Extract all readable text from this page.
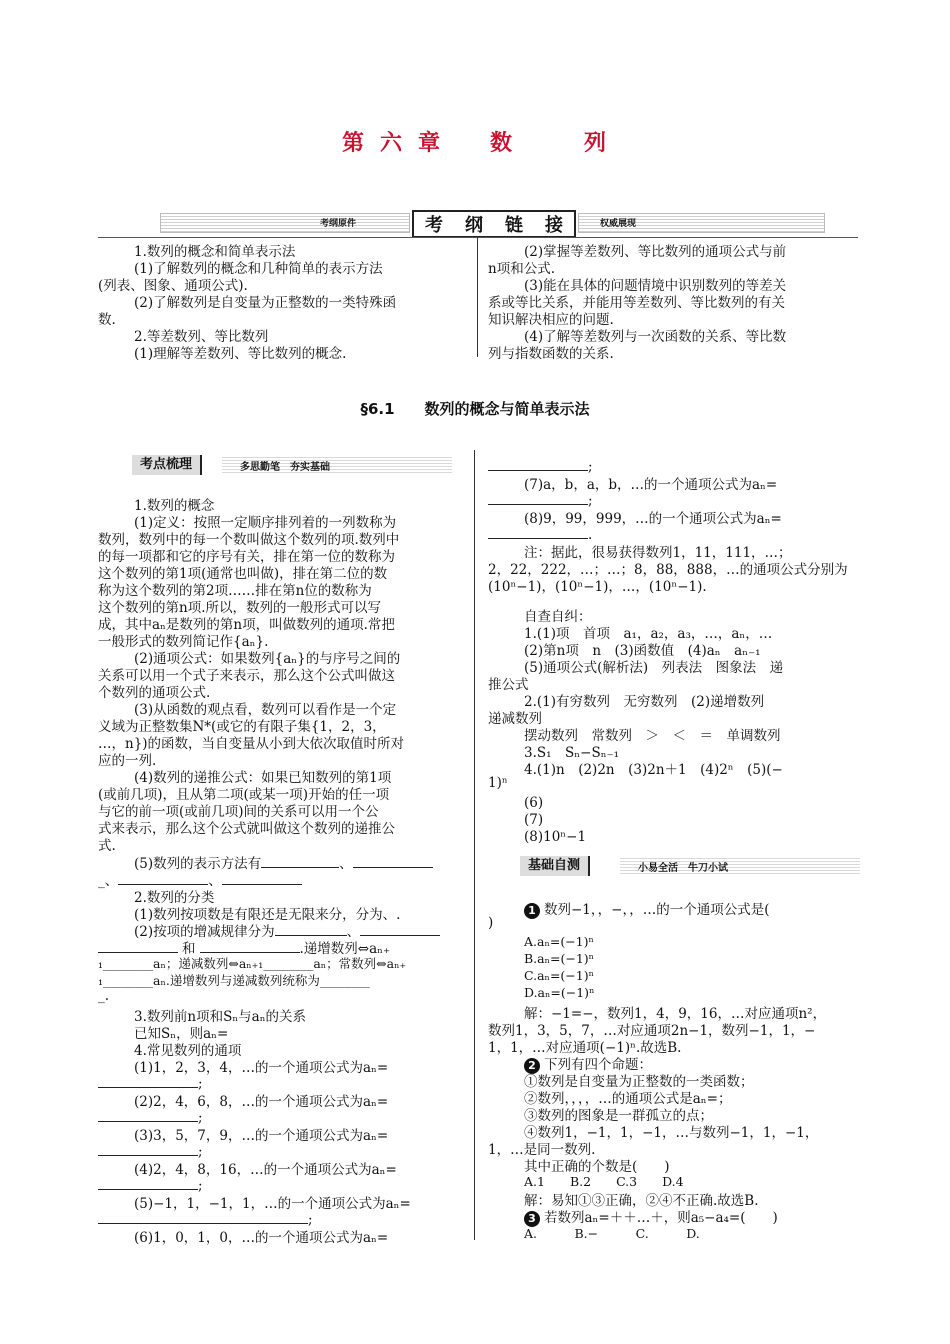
第 六 章 数	列
考纲原件	考 纲 链 接	权威展现
1.数列的概念和简单表示法
(1)了解数列的概念和几种简单的表示方法
(列表、图象、通项公式).
(2)了解数列是自变量为正整数的一类特殊函
数.
2.等差数列、等比数列
(1)理解等差数列、等比数列的概念.
(2)掌握等差数列、等比数列的通项公式与前
n项和公式.
(3)能在具体的问题情境中识别数列的等差关
系或等比关系，并能用等差数列、等比数列的有关
知识解决相应的问题.
(4)了解等差数列与一次函数的关系、等比数
列与指数函数的关系.
§6.1　　数列的概念与简单表示法
考点梳理	多思勤笔　夯实基础
1.数列的概念
(1)定义：按照一定顺序排列着的一列数称为
数列，数列中的每一个数叫做这个数列的项.数列中
的每一项都和它的序号有关，排在第一位的数称为
这个数列的第1项(通常也叫做)，排在第二位的数
称为这个数列的第2项……排在第n位的数称为
这个数列的第n项.所以，数列的一般形式可以写
成，其中aₙ是数列的第n项，叫做数列的通项.常把
一般形式的数列简记作{aₙ}.
(2)通项公式：如果数列{aₙ}的与序号之间的
关系可以用一个式子来表示，那么这个公式叫做这
个数列的通项公式.
(3)从函数的观点看，数列可以看作是一个定
义域为正整数集N*(或它的有限子集{1，2，3，
…，n})的函数，当自变量从小到大依次取值时所对
应的一列.
(4)数列的递推公式：如果已知数列的第1项
(或前几项)，且从第二项(或某一项)开始的任一项
与它的前一项(或前几项)间的关系可以用一个公
式来表示，那么这个公式就叫做这个数列的递推公
式.
(5)数列的表示方法有	、
_、	、
2.数列的分类
(1)数列按项数是有限还是无限来分，分为、.
(2)按项的增减规律分为	、
和	.递增数列⇔aₙ₊
₁________aₙ；递减数列⇔aₙ₊₁________aₙ；常数列⇔aₙ₊
₁________aₙ.递增数列与递减数列统称为________
_.
3.数列前n项和Sₙ与aₙ的关系
已知Sₙ，则aₙ=
4.常见数列的通项
(1)1，2，3，4，…的一个通项公式为aₙ=
;
(2)2，4，6，8，…的一个通项公式为aₙ=
;
(3)3，5，7，9，…的一个通项公式为aₙ=
;
(4)2，4，8，16，…的一个通项公式为aₙ=
;
(5)−1，1，−1，1，…的一个通项公式为aₙ=
;
(6)1，0，1，0，…的一个通项公式为aₙ=
;
(7)a，b，a，b，…的一个通项公式为aₙ=
;
(8)9，99，999，…的一个通项公式为aₙ=
.
注：据此，很易获得数列1，11，111，…；
2，22，222，…；…；8，88，888，…的通项公式分别为
(10ⁿ−1)，(10ⁿ−1)，…，(10ⁿ−1).
自查自纠：
1.(1)项　首项　a₁，a₂，a₃，…，aₙ，…
(2)第n项　n　(3)函数值　(4)aₙ　aₙ₋₁
(5)通项公式(解析法)　列表法　图象法　递
推公式
2.(1)有穷数列　无穷数列　(2)递增数列
递减数列
摆动数列　常数列　＞　＜　＝　单调数列
3.S₁　Sₙ−Sₙ₋₁
4.(1)n　(2)2n　(3)2n＋1　(4)2ⁿ　(5)(−
1)ⁿ
(6)
(7)
(8)10ⁿ−1
基础自测	小易全活　牛刀小试
1 数列−1，，−，，…的一个通项公式是(
)
A.aₙ=(−1)ⁿ
B.aₙ=(−1)ⁿ
C.aₙ=(−1)ⁿ
D.aₙ=(−1)ⁿ
解：−1=−，数列1，4，9，16，…对应通项n²，
数列1，3，5，7，…对应通项2n−1，数列−1，1，−
1，1，…对应通项(−1)ⁿ.故选B.
2 下列有四个命题：
①数列是自变量为正整数的一类函数；
②数列，，，，…的通项公式是aₙ=；
③数列的图象是一群孤立的点；
④数列1，−1，1，−1，…与数列−1，1，−1，
1，…是同一数列.
其中正确的个数是(　　)
A.1　　B.2　　C.3　　D.4
解：易知①③正确，②④不正确.故选B.
3 若数列aₙ=＋＋…＋，则a₅−a₄=(　　)
A.　　　B.−　　　C.　　　D.
